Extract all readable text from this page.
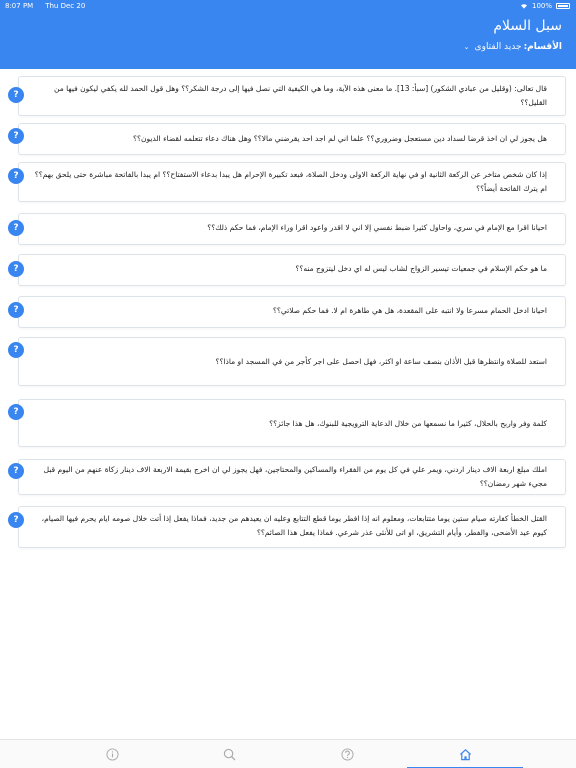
8:07 PM Thu Dec 20	100%
سبل السلام
الأقسام:
جديد الفتاوى
⌄
قال تعالى: (وقليل من عبادي الشكور) [سبأ: 13]. ما معنى هذه الآية، وما هي الكيفية التي نصل فيها إلى درجة الشكر؟؟ وهل قول الحمد لله يكفي ليكون فيها من القليل؟؟
?
هل يجوز لي ان اخذ قرضا لسداد دين مستعجل وضروري؟؟ علما اني لم اجد احد يقرضني مالا؟؟ وهل هناك دعاء تتعلمه لقضاء الديون؟؟
?
إذا كان شخص متاخر عن الركعة الثانية او في نهاية الركعة الاولى ودخل الصلاة، فبعد تكبيرة الإحرام هل يبدا بدعاء الاستفتاح؟؟ ام يبدا بالفاتحة مباشرة حتى يلحق بهم؟؟ ام يترك الفاتحة أيضاً؟؟
?
احيانا اقرا مع الإمام في سري، واحاول كثيرا ضبط نفسي إلا اني لا اقدر واعود اقرا وراء الإمام، فما حكم ذلك؟؟
?
ما هو حكم الإسلام في جمعيات تيسير الزواج لشاب ليس له اي دخل ليتزوج منه؟؟
?
احيانا ادخل الحمام مسرعا ولا انتبه على المقعدة، هل هي طاهرة ام لا. فما حكم صلاتي؟؟
?
استعد للصلاة وانتظرها قبل الأذان بنصف ساعة او اكثر، فهل احصل على اجر كأجر من في المسجد او ماذا؟؟
?
كلمة وفر واربح بالحلال، كثيرا ما نسمعها من خلال الدعاية الترويجية للبنوك، هل هذا جائز؟؟
?
املك مبلغ اربعة الاف دينار اردني، ويمر علي في كل يوم من الفقراء والمساكين والمحتاجين، فهل يجوز لي ان اخرج بقيمة الاربعة الاف دينار زكاة عنهم من اليوم قبل مجيء شهر رمضان؟؟
?
القتل الخطأ كفارته صيام ستين يوما متتابعات، ومعلوم انه إذا افطر يوما قطع التتابع وعليه ان يعيدهم من جديد، فماذا يفعل إذا أتت خلال صومه ايام يحرم فيها الصيام، كيوم عيد الأضحى، والفطر، وأيام التشريق، او اتى للأنثى عذر شرعي. فماذا يفعل هذا الصائم؟؟
?
